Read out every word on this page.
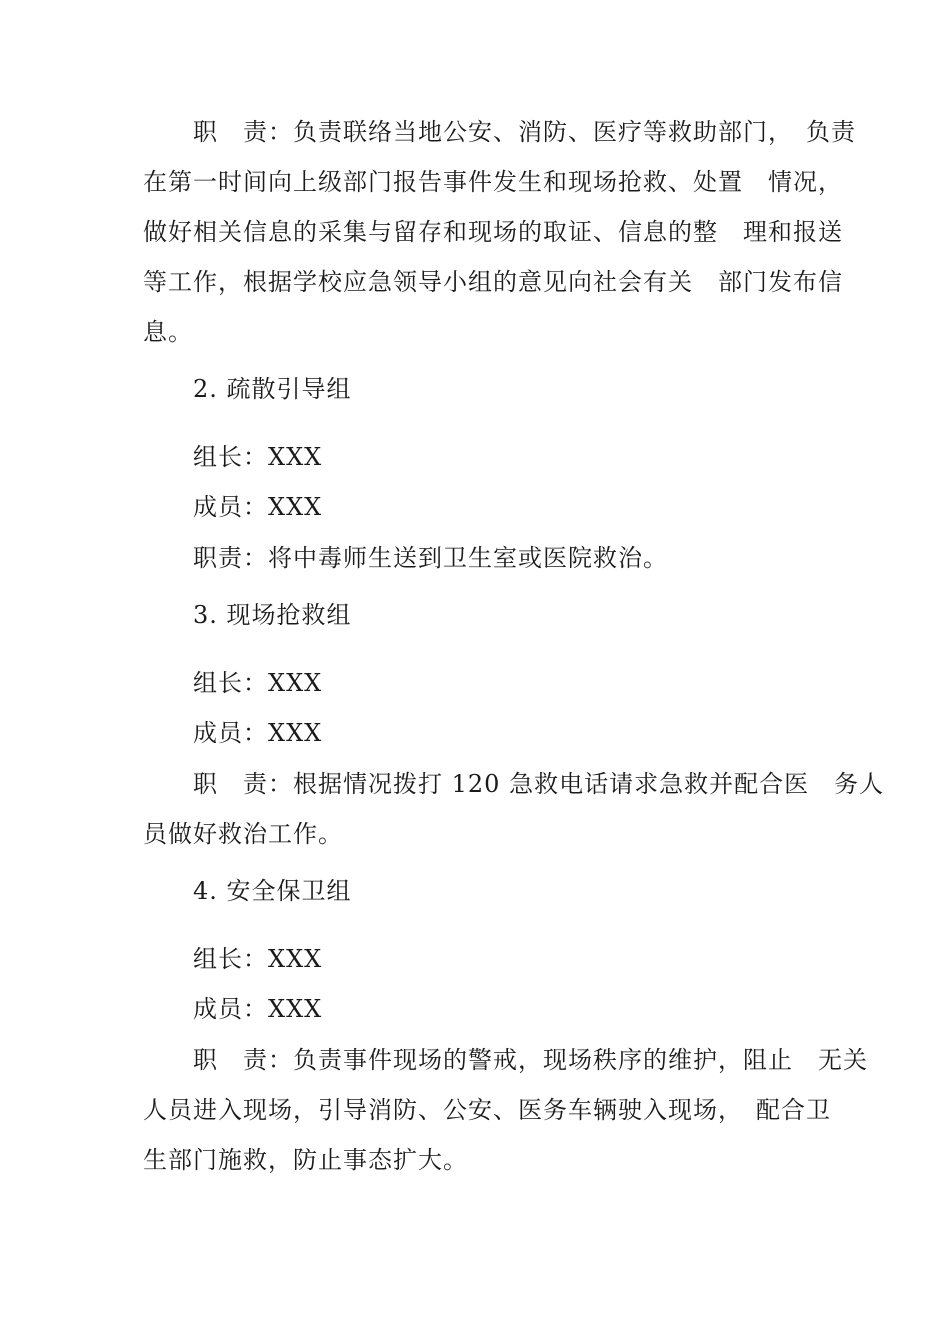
职　责：负责联络当地公安、消防、医疗等救助部门，　负责
在第一时间向上级部门报告事件发生和现场抢救、处置　情况，
做好相关信息的采集与留存和现场的取证、信息的整　理和报送
等工作，根据学校应急领导小组的意见向社会有关　部门发布信
息。
2. 疏散引导组
组长：XXX
成员：XXX
职责：将中毒师生送到卫生室或医院救治。
3. 现场抢救组
组长：XXX
成员：XXX
职　责：根据情况拨打 120 急救电话请求急救并配合医　务人
员做好救治工作。
4. 安全保卫组
组长：XXX
成员：XXX
职　责：负责事件现场的警戒，现场秩序的维护，阻止　无关
人员进入现场，引导消防、公安、医务车辆驶入现场，　配合卫
生部门施救，防止事态扩大。
